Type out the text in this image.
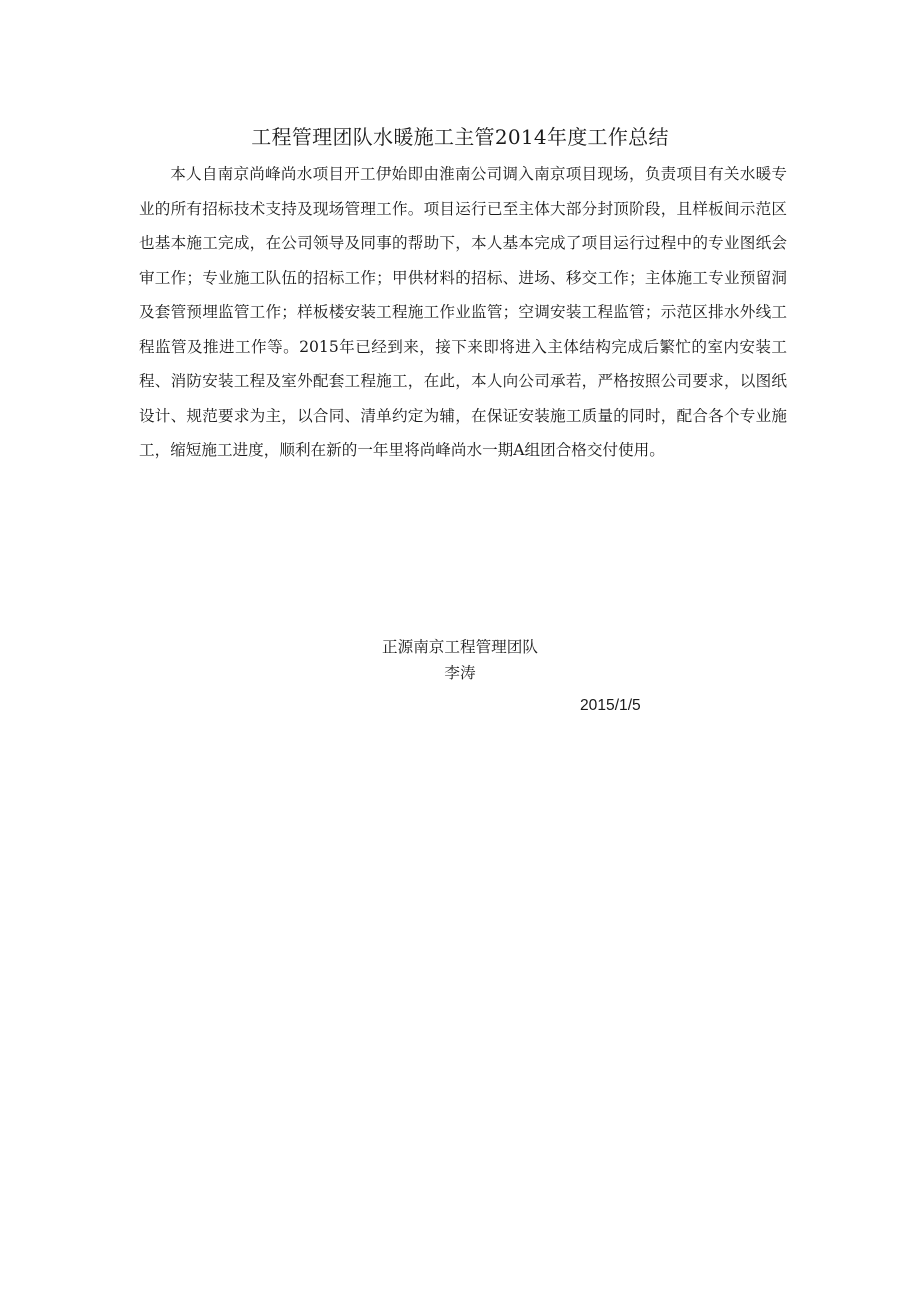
工程管理团队水暖施工主管2014年度工作总结

本人自南京尚峰尚水项目开工伊始即由淮南公司调入南京项目现场，负责项目有关水暖专业的所有招标技术支持及现场管理工作。项目运行已至主体大部分封顶阶段，且样板间示范区也基本施工完成，在公司领导及同事的帮助下，本人基本完成了项目运行过程中的专业图纸会审工作；专业施工队伍的招标工作；甲供材料的招标、进场、移交工作；主体施工专业预留洞及套管预埋监管工作；样板楼安装工程施工作业监管；空调安装工程监管；示范区排水外线工程监管及推进工作等。2015年已经到来，接下来即将进入主体结构完成后繁忙的室内安装工程、消防安装工程及室外配套工程施工，在此，本人向公司承若，严格按照公司要求，以图纸设计、规范要求为主，以合同、清单约定为辅，在保证安装施工质量的同时，配合各个专业施工，缩短施工进度，顺利在新的一年里将尚峰尚水一期A组团合格交付使用。

正源南京工程管理团队
李涛
2015/1/5
